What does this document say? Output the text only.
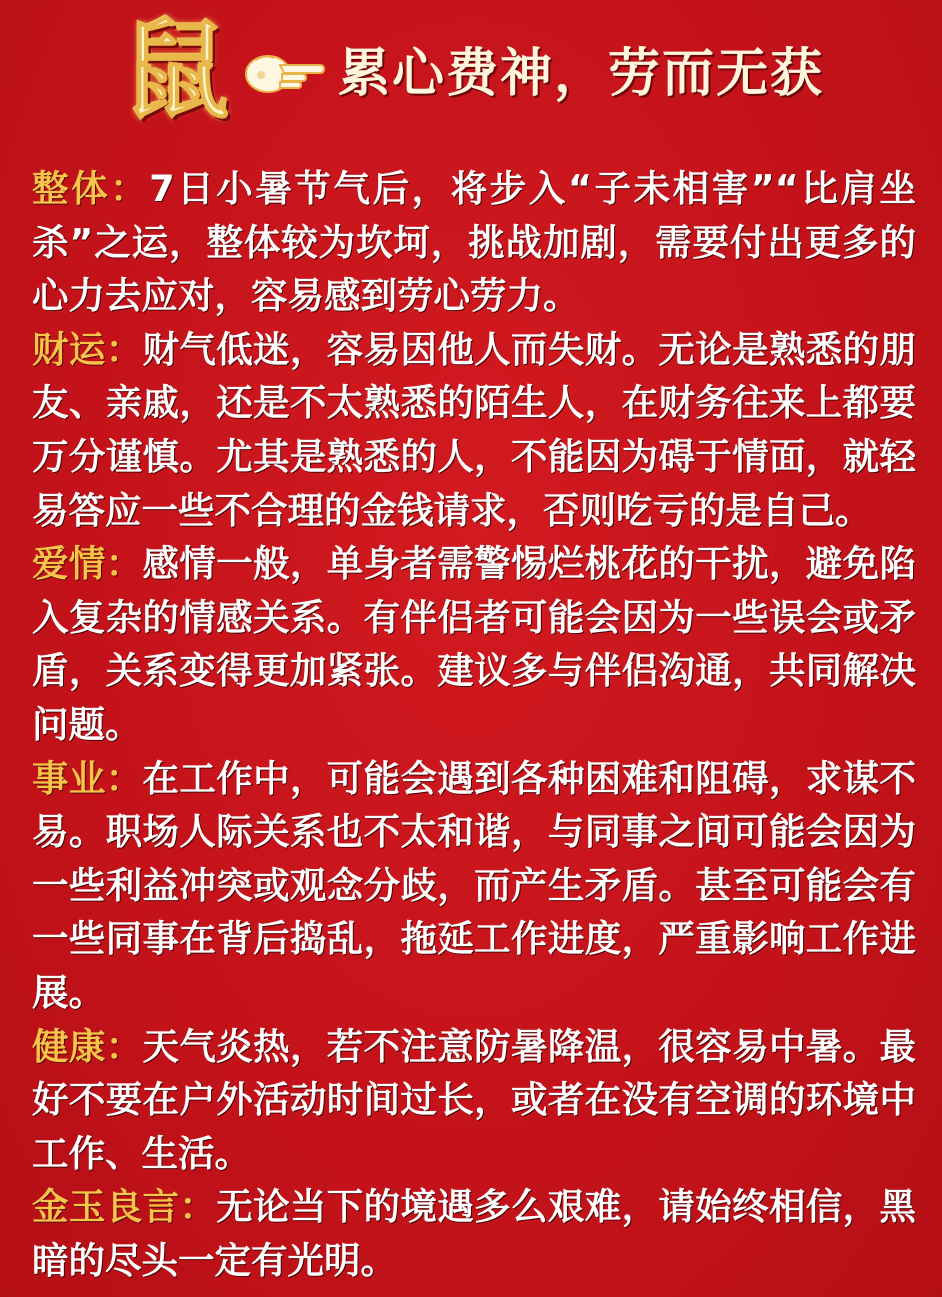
鼠 累心费神，劳而无获

整体：7日小暑节气后，将步入“子未相害”“比肩坐杀”之运，整体较为坎坷，挑战加剧，需要付出更多的心力去应对，容易感到劳心劳力。

财运：财气低迷，容易因他人而失财。无论是熟悉的朋友、亲戚，还是不太熟悉的陌生人，在财务往来上都要万分谨慎。尤其是熟悉的人，不能因为碍于情面，就轻易答应一些不合理的金钱请求，否则吃亏的是自己。

爱情：感情一般，单身者需警惕烂桃花的干扰，避免陷入复杂的情感关系。有伴侣者可能会因为一些误会或矛盾，关系变得更加紧张。建议多与伴侣沟通，共同解决问题。

事业：在工作中，可能会遇到各种困难和阻碍，求谋不易。职场人际关系也不太和谐，与同事之间可能会因为一些利益冲突或观念分歧，而产生矛盾。甚至可能会有一些同事在背后捣乱，拖延工作进度，严重影响工作进展。

健康：天气炎热，若不注意防暑降温，很容易中暑。最好不要在户外活动时间过长，或者在没有空调的环境中工作、生活。

金玉良言：无论当下的境遇多么艰难，请始终相信，黑暗的尽头一定有光明。
